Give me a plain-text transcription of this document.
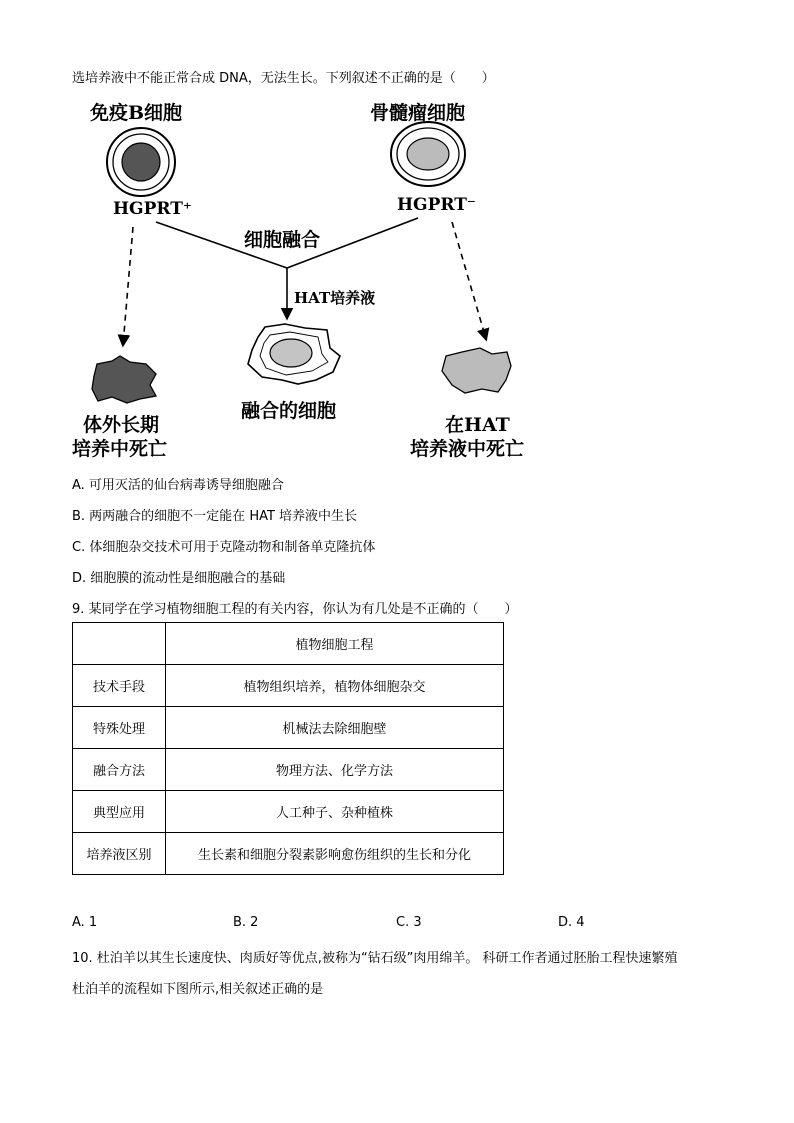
选培养液中不能正常合成 DNA，无法生长。下列叙述不正确的是（　　）
免疫B细胞	骨髓瘤细胞
HGPRT⁺	HGPRT⁻
细胞融合
HAT培养液
体外长期
培养中死亡
融合的细胞
在HAT
培养液中死亡
A. 可用灭活的仙台病毒诱导细胞融合
B. 两两融合的细胞不一定能在 HAT 培养液中生长
C. 体细胞杂交技术可用于克隆动物和制备单克隆抗体
D. 细胞膜的流动性是细胞融合的基础
9. 某同学在学习植物细胞工程的有关内容，你认为有几处是不正确的（　　）
	植物细胞工程
技术手段	植物组织培养，植物体细胞杂交
特殊处理	机械法去除细胞壁
融合方法	物理方法、化学方法
典型应用	人工种子、杂种植株
培养液区别	生长素和细胞分裂素影响愈伤组织的生长和分化
A. 1	B. 2	C. 3	D. 4
10. 杜泊羊以其生长速度快、肉质好等优点,被称为“钻石级”肉用绵羊。 科研工作者通过胚胎工程快速繁殖
杜泊羊的流程如下图所示,相关叙述正确的是
